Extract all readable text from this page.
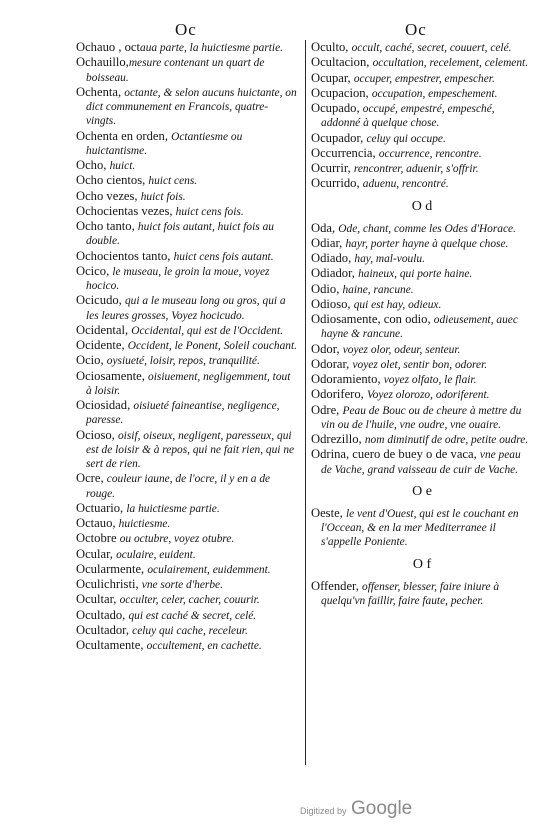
Oc	Oc

Ochauo , octaua parte, la huictiesme partie.

Ochauillo,mesure contenant un quart de boisseau.

Ochenta, octante, & selon aucuns huictante, on dict communement en Francois, quatre-vingts.

Ochenta en orden, Octantiesme ou huictantisme.

Ocho, huict.

Ocho cientos, huict cens.

Ocho vezes, huict fois.

Ochocientas vezes, huict cens fois.

Ocho tanto, huict fois autant, huict fois au double.

Ochocientos tanto, huict cens fois autant.

Ocico, le museau, le groin la moue, voyez hocico.

Ocicudo, qui a le museau long ou gros, qui a les leures grosses, Voyez hocicudo.

Ocidental, Occidental, qui est de l'Occident.

Ocidente, Occident, le Ponent, Soleil couchant.

Ocio, oysiueté, loisir, repos, tranquilité.

Ociosamente, oisiuement, negligemment, tout à loisir.

Ociosidad, oisiueté faineantise, negligence, paresse.

Ocioso, oisif, oiseux, negligent, paresseux, qui est de loisir & à repos, qui ne fait rien, qui ne sert de rien.

Ocre, couleur iaune, de l'ocre, il y en a de rouge.

Octuario, la huictiesme partie.

Octauo, huictiesme.

Octobre ou octubre, voyez otubre.

Ocular, oculaire, euident.

Ocularmente, oculairement, euidemment.

Oculichristi, vne sorte d'herbe.

Ocultar, occulter, celer, cacher, couurir.

Ocultado, qui est caché & secret, celé.

Ocultador, celuy qui cache, receleur.

Ocultamente, occultement, en cachette.

Oculto, occult, caché, secret, couuert, celé.

Ocultacion, occultation, recelement, celement.

Ocupar, occuper, empestrer, empescher.

Ocupacion, occupation, empeschement.

Ocupado, occupé, empestré, empesché, addonné à quelque chose.

Ocupador, celuy qui occupe.

Occurrencia, occurrence, rencontre.

Ocurrir, rencontrer, aduenir, s'offrir.

Ocurrido, aduenu, rencontré.

O d

Oda, Ode, chant, comme les Odes d'Horace.

Odiar, hayr, porter hayne à quelque chose.

Odiado, hay, mal-voulu.

Odiador, haineux, qui porte haine.

Odio, haine, rancune.

Odioso, qui est hay, odieux.

Odiosamente, con odio, odieusement, auec hayne & rancune.

Odor, voyez olor, odeur, senteur.

Odorar, voyez olet, sentir bon, odorer.

Odoramiento, voyez olfato, le flair.

Odorifero, Voyez olorozo, odoriferent.

Odre, Peau de Bouc ou de cheure à mettre du vin ou de l'huile, vne oudre, vne ouaire.

Odrezillo, nom diminutif de odre, petite oudre.

Odrina, cuero de buey o de vaca, vne peau de Vache, grand vaisseau de cuir de Vache.

O e

Oeste, le vent d'Ouest, qui est le couchant en l'Occean, & en la mer Mediterranee il s'appelle Poniente.

O f

Offender, offenser, blesser, faire iniure à quelqu'vn faillir, faire faute, pecher.

Digitized by Google
